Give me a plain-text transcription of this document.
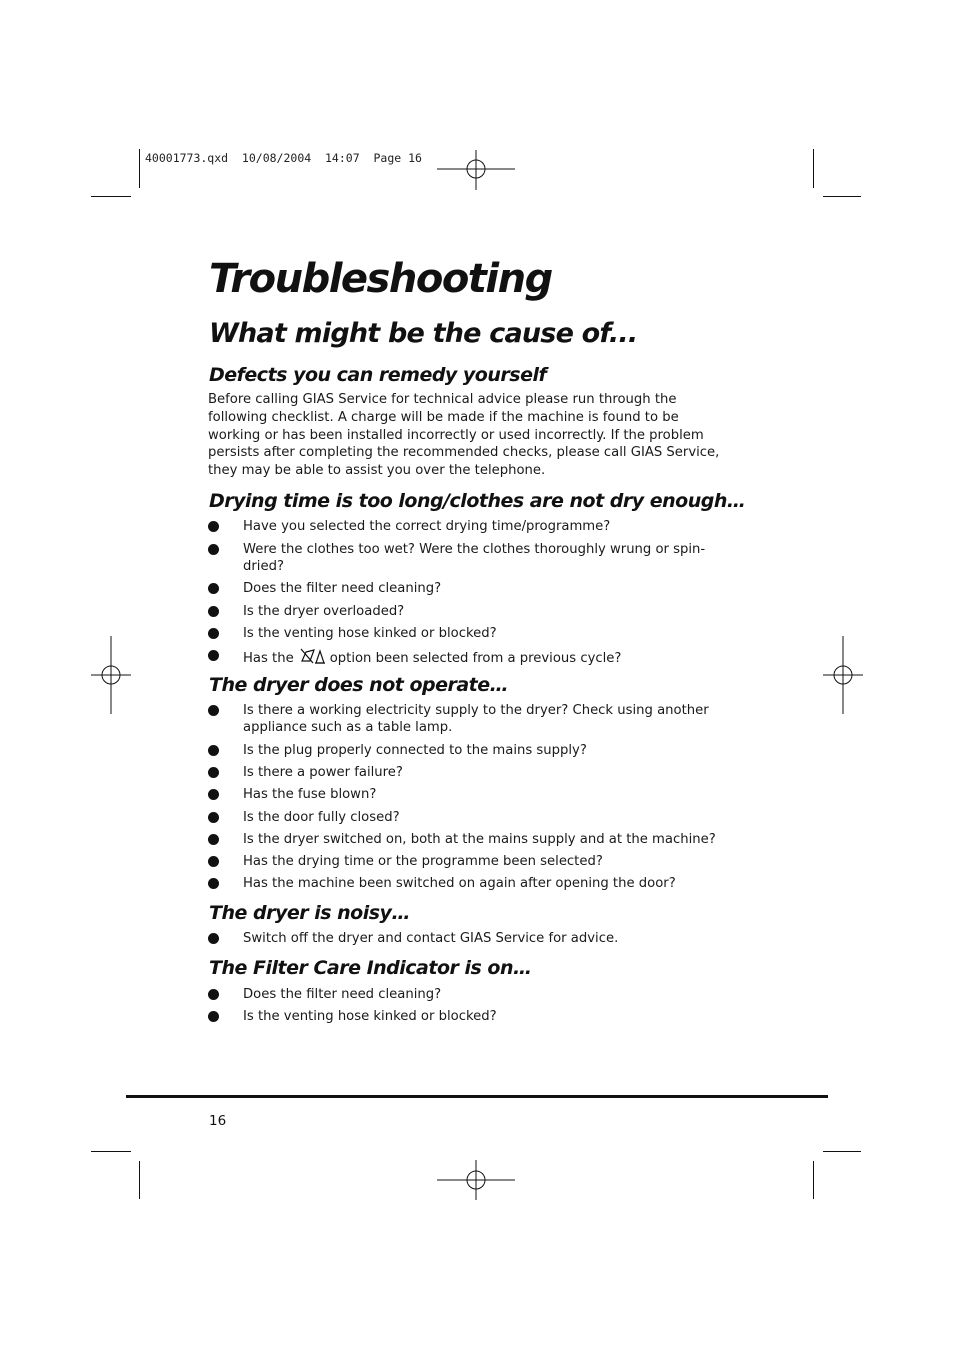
40001773.qxd  10/08/2004  14:07  Page 16
Troubleshooting
What might be the cause of...
Defects you can remedy yourself

Before calling GIAS Service for technical advice please run through the following checklist. A charge will be made if the machine is found to be working or has been installed incorrectly or used incorrectly. If the problem persists after completing the recommended checks, please call GIAS Service, they may be able to assist you over the telephone.

Drying time is too long/clothes are not dry enough…
Have you selected the correct drying time/programme?
Were the clothes too wet? Were the clothes thoroughly wrung or spin-dried?
Does the filter need cleaning?
Is the dryer overloaded?
Is the venting hose kinked or blocked?
Has the	option been selected from a previous cycle?
The dryer does not operate…
Is there a working electricity supply to the dryer? Check using another appliance such as a table lamp.
Is the plug properly connected to the mains supply?
Is there a power failure?
Has the fuse blown?
Is the door fully closed?
Is the dryer switched on, both at the mains supply and at the machine?
Has the drying time or the programme been selected?
Has the machine been switched on again after opening the door?
The dryer is noisy…
Switch off the dryer and contact GIAS Service for advice.
The Filter Care Indicator is on…
Does the filter need cleaning?
Is the venting hose kinked or blocked?
16
